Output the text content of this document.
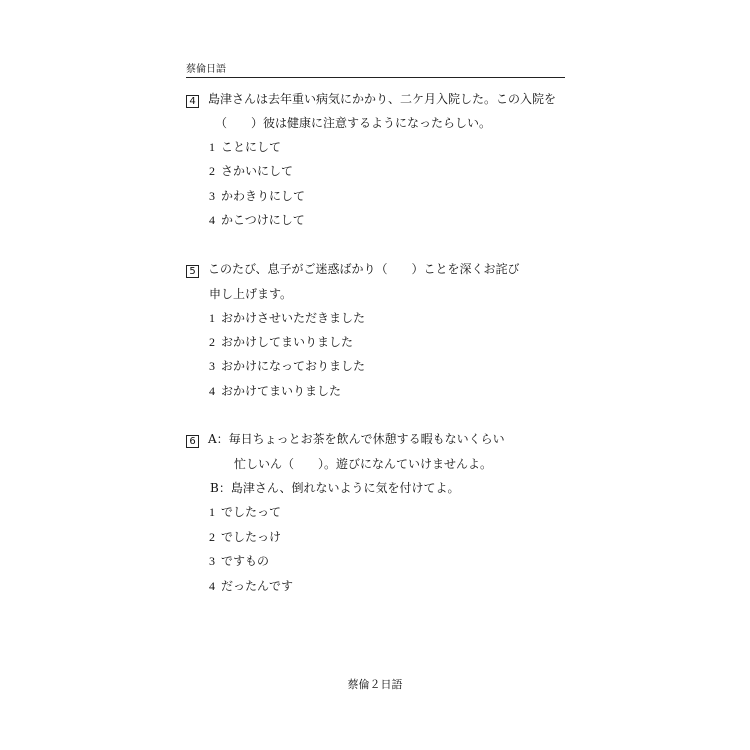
蔡倫日語
4 島津さんは去年重い病気にかかり、二ケ月入院した。この入院を
（　　）彼は健康に注意するようになったらしい。
1 ことにして
2 さかいにして
3 かわきりにして
4 かこつけにして
5 このたび、息子がご迷惑ばかり（　　）ことを深くお詫び
申し上げます。
1 おかけさせいただきました
2 おかけしてまいりました
3 おかけになっておりました
4 おかけてまいりました
6 A：毎日ちょっとお茶を飲んで休憩する暇もないくらい
忙しいん（　　）。遊びになんていけませんよ。
B：島津さん、倒れないように気を付けてよ。
1 でしたって
2 でしたっけ
3 ですもの
4 だったんです
蔡倫２日語
